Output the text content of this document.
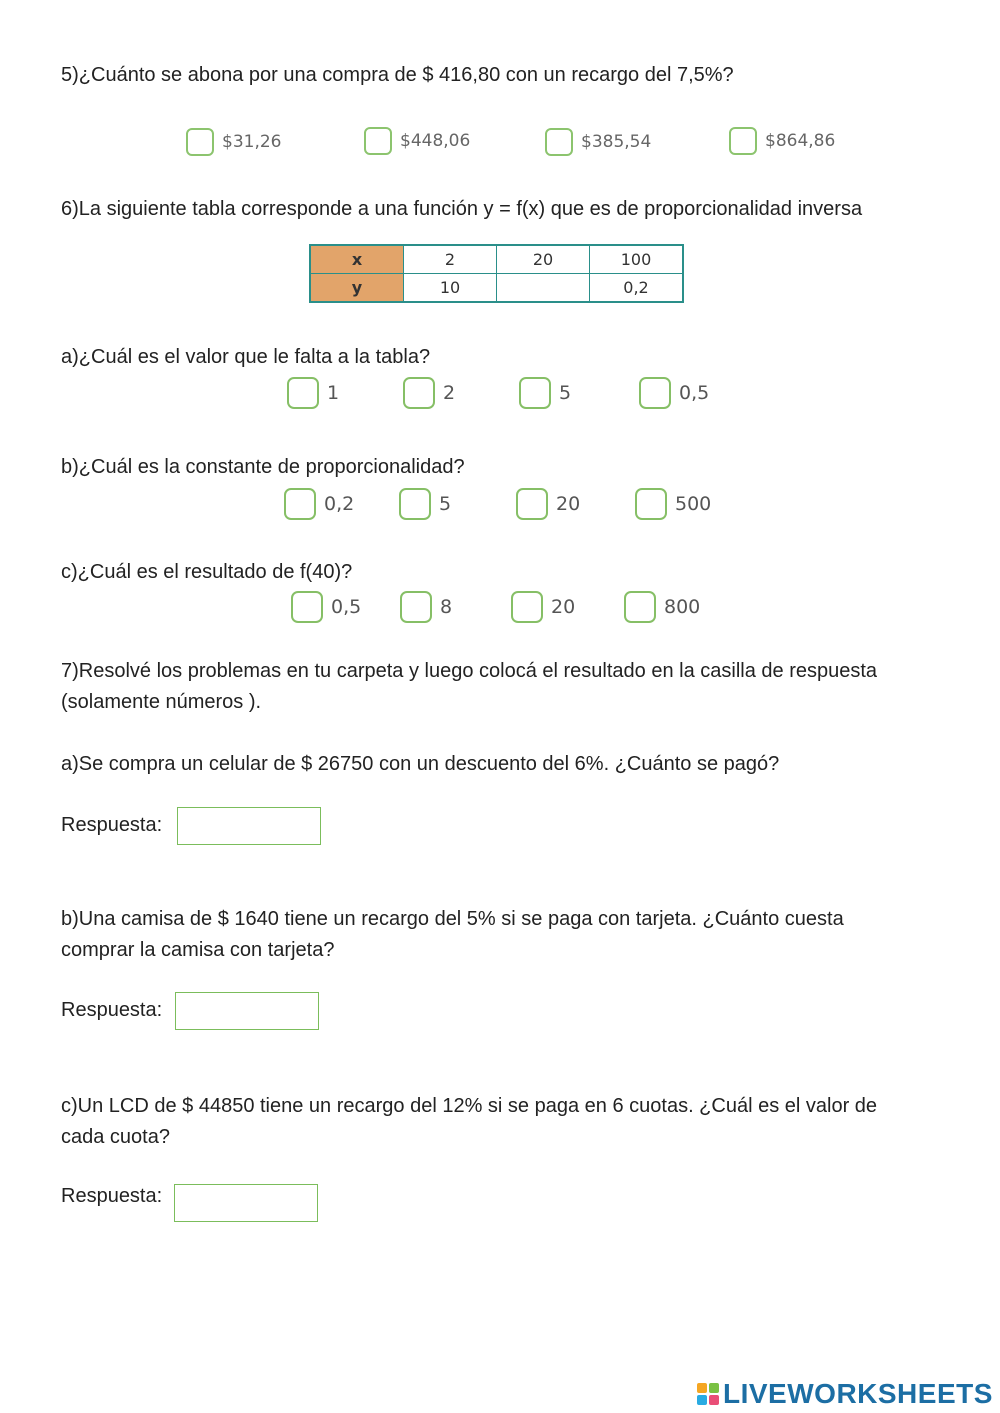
5)¿Cuánto se abona por una compra de $ 416,80 con un recargo del 7,5%?

$31,26	$448,06	$385,54	$864,86

6)La siguiente tabla corresponde a una función y = f(x) que es de proporcionalidad inversa

x	2	20	100
y	10		0,2

a)¿Cuál es el valor que le falta a la tabla?

1	2	5	0,5

b)¿Cuál es la constante de proporcionalidad?

0,2	5	20	500

c)¿Cuál es el resultado de f(40)?

0,5	8	20	800

7)Resolvé los problemas en tu carpeta y luego colocá el resultado en la casilla de respuesta
(solamente números ).

a)Se compra un celular de $ 26750 con un descuento del 6%. ¿Cuánto se pagó?

Respuesta:

b)Una camisa de $ 1640 tiene un recargo del 5% si se paga con tarjeta. ¿Cuánto cuesta
comprar la camisa con tarjeta?

Respuesta:

c)Un LCD de $ 44850 tiene un recargo del 12% si se paga en 6 cuotas. ¿Cuál es el valor de
cada cuota?

Respuesta:
LIVEWORKSHEETS
